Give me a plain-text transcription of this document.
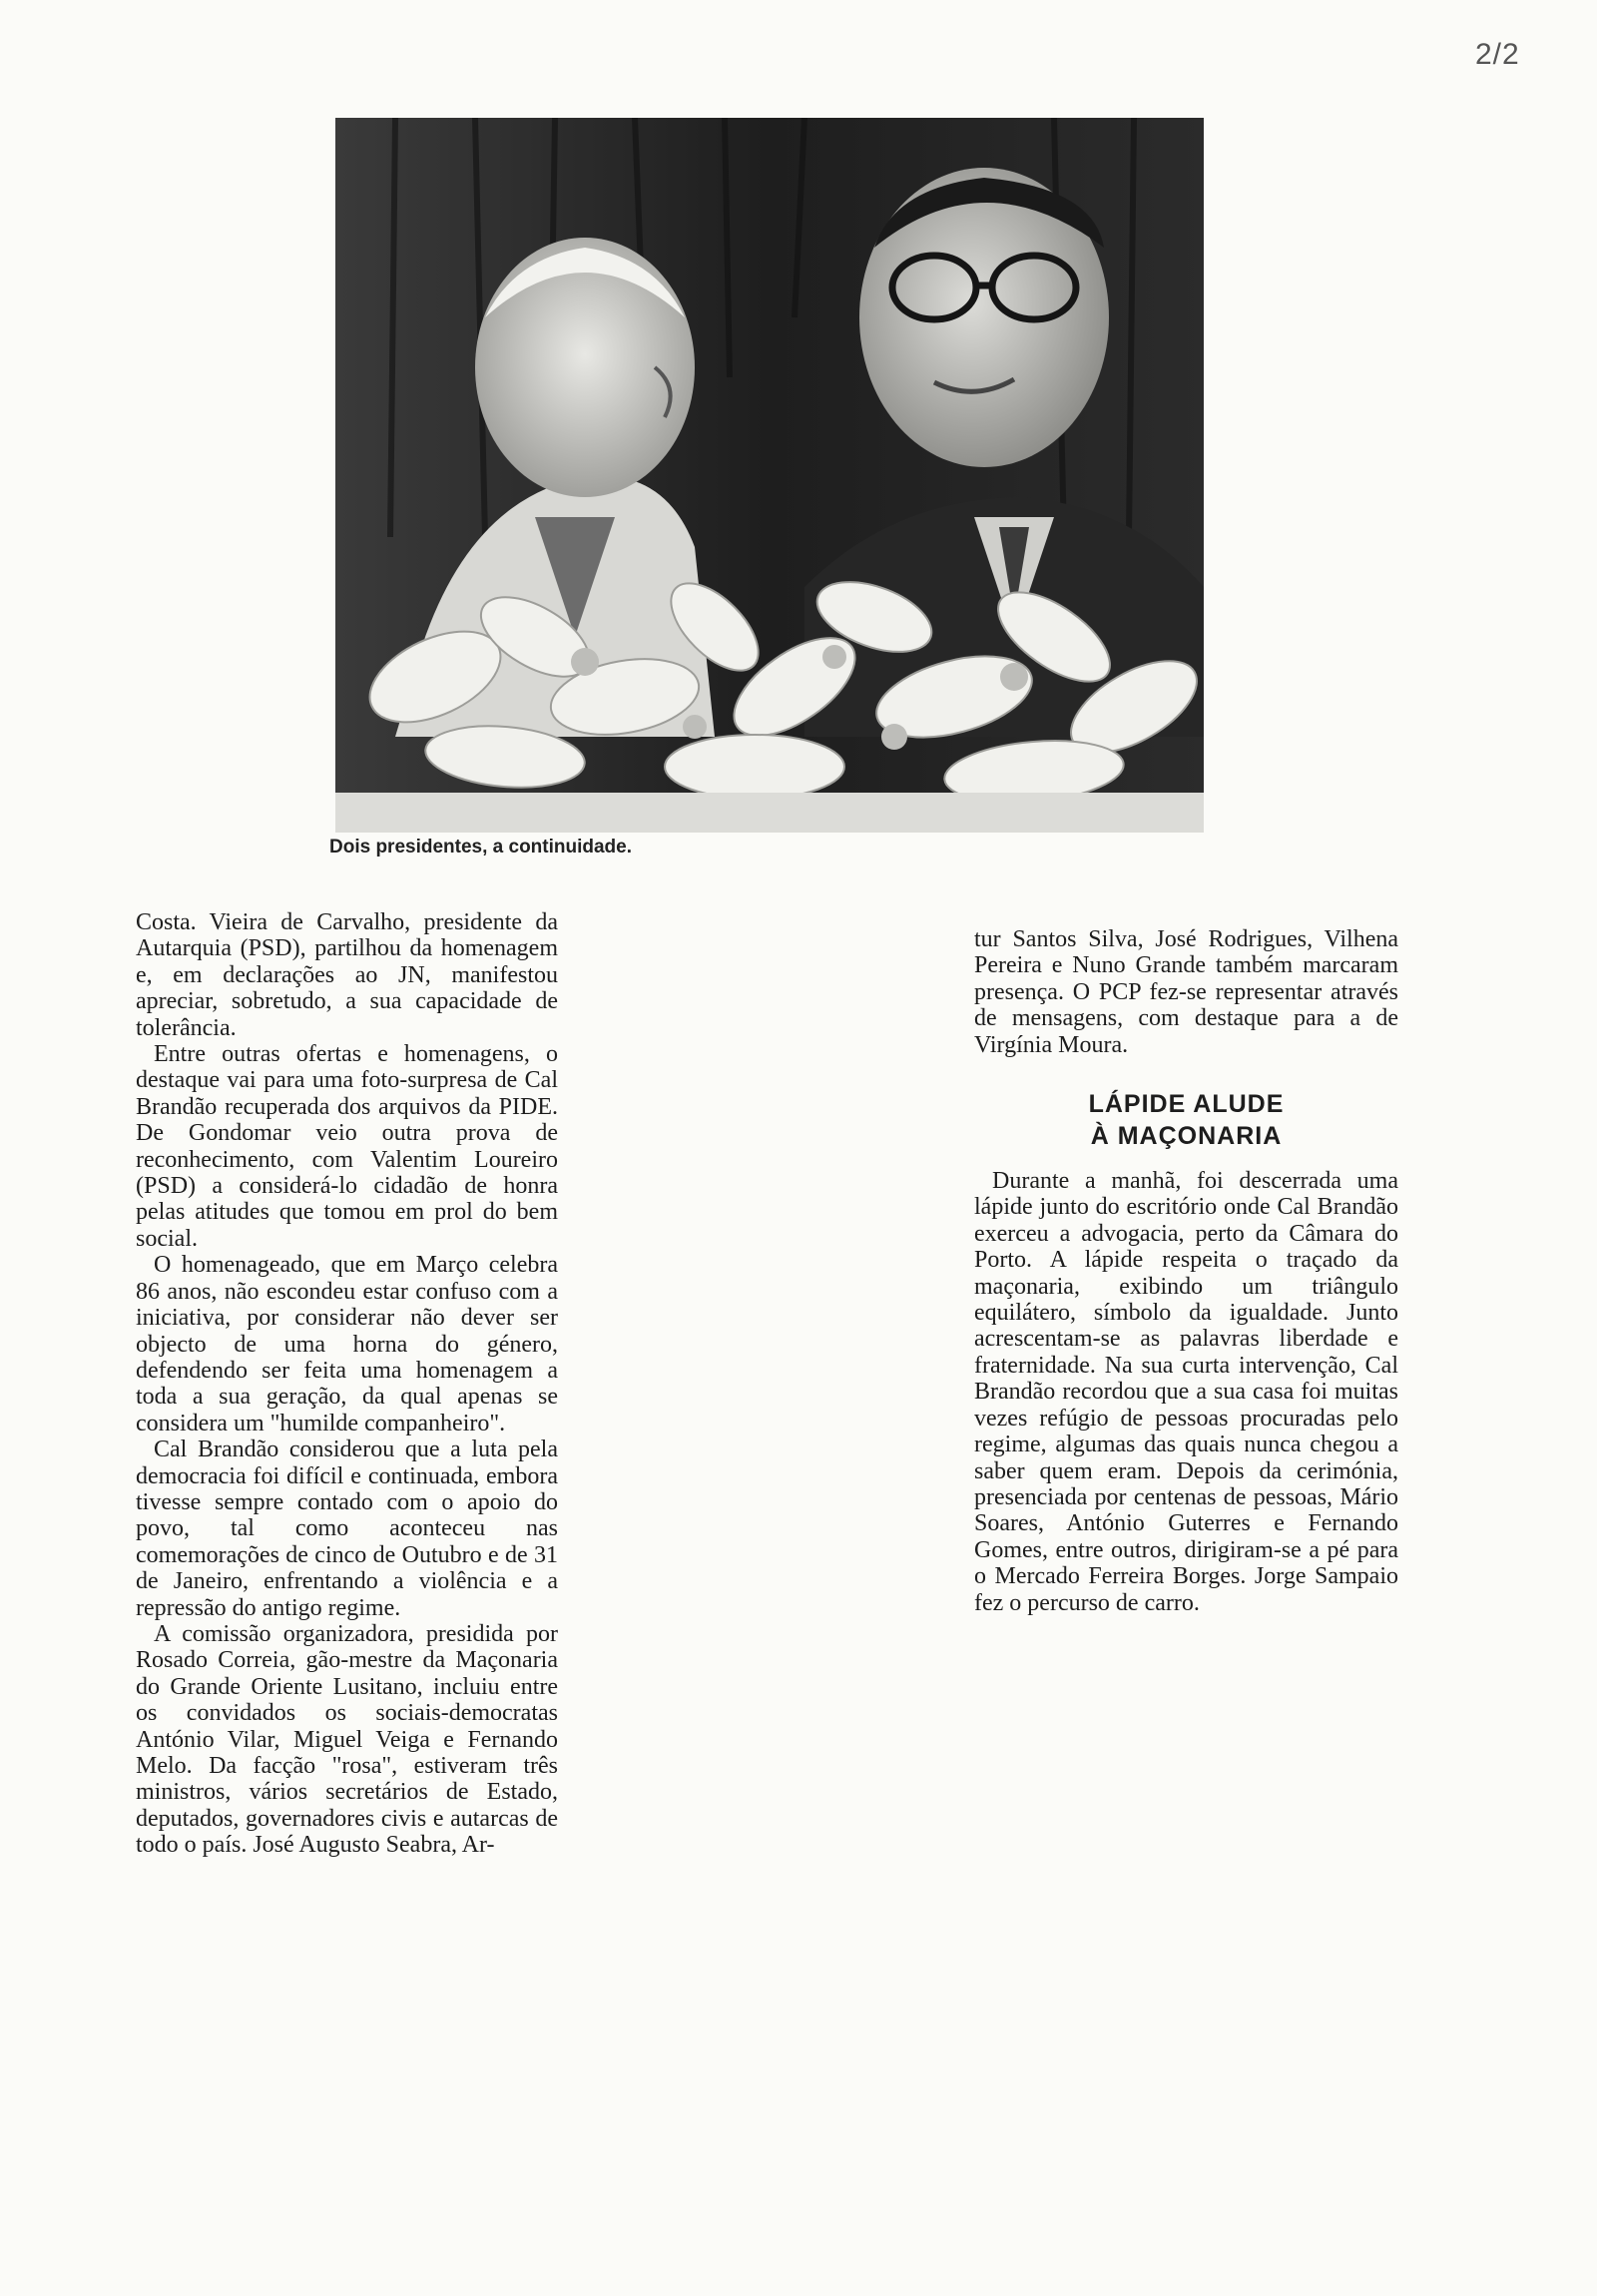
2/2
Dois presidentes, a continuidade.

Costa. Vieira de Carvalho, presidente da Autarquia (PSD), partilhou da homenagem e, em declarações ao JN, manifestou apreciar, sobretudo, a sua capacidade de tolerância.

Entre outras ofertas e homenagens, o destaque vai para uma foto-surpresa de Cal Brandão recuperada dos arquivos da PIDE. De Gondomar veio outra prova de reconhecimento, com Valentim Loureiro (PSD) a considerá-lo cidadão de honra pelas atitudes que tomou em prol do bem social.

O homenageado, que em Março celebra 86 anos, não escondeu estar confuso com a iniciativa, por considerar não dever ser objecto de uma horna do género, defendendo ser feita uma homenagem a toda a sua geração, da qual apenas se considera um "humilde companheiro".

Cal Brandão considerou que a luta pela democracia foi difícil e continuada, embora tivesse sempre contado com o apoio do povo, tal como aconteceu nas comemorações de cinco de Outubro e de 31 de Janeiro, enfrentando a violência e a repressão do antigo regime.

A comissão organizadora, presidida por Rosado Correia, gão-mestre da Maçonaria do Grande Oriente Lusitano, incluiu entre os convidados os sociais-democratas António Vilar, Miguel Veiga e Fernando Melo. Da facção "rosa", estiveram três ministros, vários secretários de Estado, deputados, governadores civis e autarcas de todo o país. José Augusto Seabra, Ar-

tur Santos Silva, José Rodrigues, Vilhena Pereira e Nuno Grande também marcaram presença. O PCP fez-se representar através de mensagens, com destaque para a de Virgínia Moura.

LÁPIDE ALUDE
À MAÇONARIA

Durante a manhã, foi descerrada uma lápide junto do escritório onde Cal Brandão exerceu a advogacia, perto da Câmara do Porto. A lápide respeita o traçado da maçonaria, exibindo um triângulo equilátero, símbolo da igualdade. Junto acrescentam-se as palavras liberdade e fraternidade. Na sua curta intervenção, Cal Brandão recordou que a sua casa foi muitas vezes refúgio de pessoas procuradas pelo regime, algumas das quais nunca chegou a saber quem eram. Depois da cerimónia, presenciada por centenas de pessoas, Mário Soares, António Guterres e Fernando Gomes, entre outros, dirigiram-se a pé para o Mercado Ferreira Borges. Jorge Sampaio fez o percurso de carro.
